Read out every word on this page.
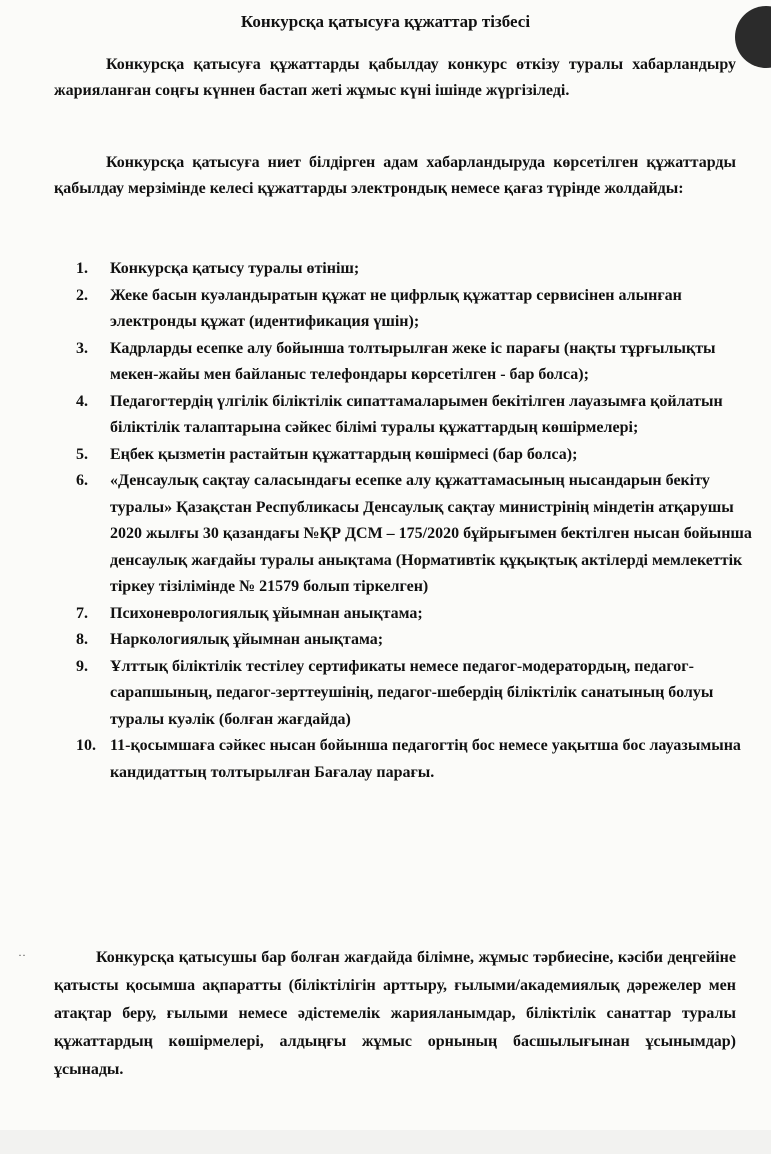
Конкурсқа қатысуға құжаттар тізбесі
Конкурсқа қатысуға құжаттарды қабылдау конкурс өткізу туралы хабарландыру жарияланған соңғы күннен бастап жеті жұмыс күні ішінде жүргізіледі.
Конкурсқа қатысуға ниет білдірген адам хабарландыруда көрсетілген құжаттарды қабылдау мерзімінде келесі құжаттарды электрондық немесе қағаз түрінде жолдайды:
1.	Конкурсқа қатысу туралы өтініш;
2.	Жеке басын куәландыратын құжат не цифрлық құжаттар сервисінен алынған электронды құжат (идентификация үшін);
3.	Кадрларды есепке алу бойынша толтырылған жеке іс парағы (нақты тұрғылықты мекен-жайы мен байланыс телефондары көрсетілген - бар болса);
4.	Педагогтердің үлгілік біліктілік сипаттамаларымен бекітілген лауазымға қойлатын біліктілік талаптарына сәйкес білімі туралы құжаттардың көшірмелері;
5.	Еңбек қызметін растайтын құжаттардың көшірмесі (бар болса);
6.	«Денсаулық сақтау саласындағы есепке алу құжаттамасының нысандарын бекіту туралы» Қазақстан Республикасы Денсаулық сақтау министрінің міндетін атқарушы 2020 жылғы 30 қазандағы №ҚР ДСМ – 175/2020 бұйрығымен бектілген нысан бойынша денсаулық жағдайы туралы анықтама (Нормативтік құқықтық актілерді мемлекеттік тіркеу тізілімінде № 21579 болып тіркелген)
7.	Психоневрологиялық ұйымнан анықтама;
8.	Наркологиялық ұйымнан анықтама;
9.	Ұлттық біліктілік тестілеу сертификаты немесе педагог-модератордың, педагог-сарапшының, педагог-зерттеушінің, педагог-шебердің біліктілік санатының болуы туралы куәлік (болған жағдайда)
10. 11-қосымшаға сәйкес нысан бойынша педагогтің бос немесе уақытша бос лауазымына кандидаттың толтырылған Бағалау парағы.
··	Конкурсқа қатысушы бар болған жағдайда білімне, жұмыс тәрбиесіне, кәсіби деңгейіне қатысты қосымша ақпаратты (біліктілігін арттыру, ғылыми/академиялық дәрежелер мен атақтар беру, ғылыми немесе әдістемелік жарияланымдар, біліктілік санаттар туралы құжаттардың көшірмелері, алдыңғы жұмыс орнының басшылығынан ұсынымдар) ұсынады.
